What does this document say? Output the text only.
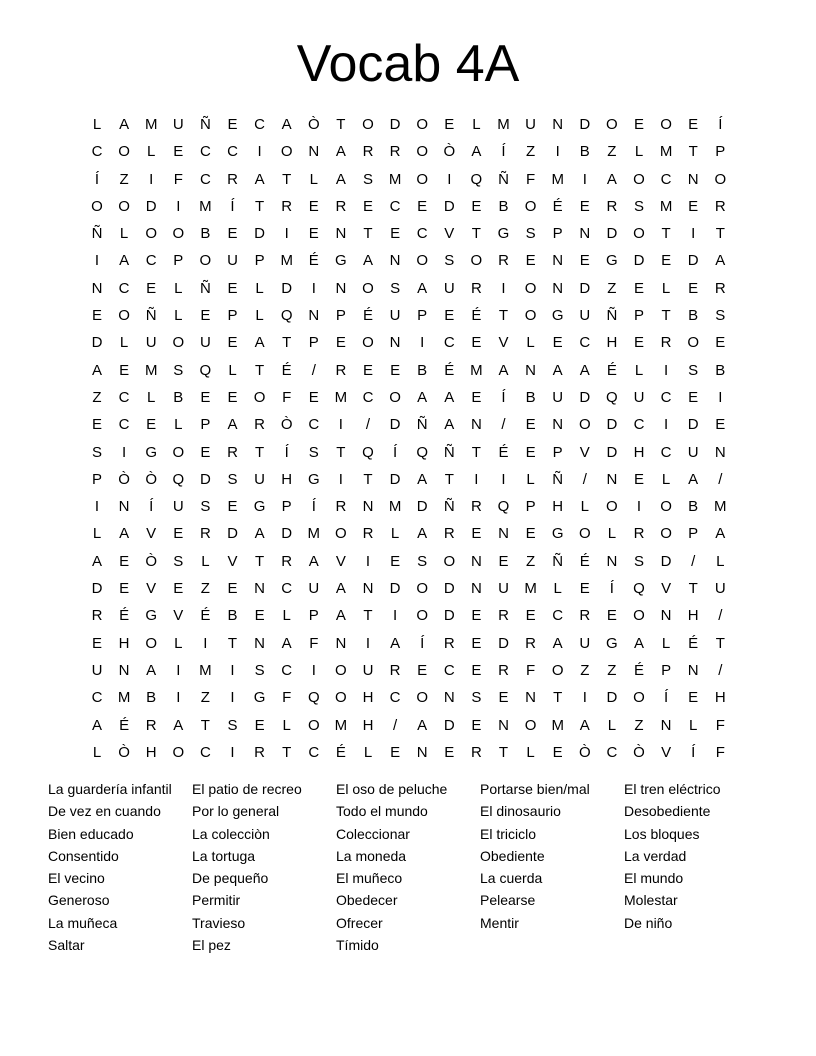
Vocab 4A
L	A	M	U	Ñ	E	C	A	Ò	T	O	D	O	E	L	M	U	N	D	O	E	O	E	Í
C	O	L	E	C	C	I	O	N	A	R	R	O	Ò	A	Í	Z	I	B	Z	L	M	T	P
Í	Z	I	F	C	R	A	T	L	A	S	M	O	I	Q	Ñ	F	M	I	A	O	C	N	O
O	O	D	I	M	Í	T	R	E	R	E	C	E	D	E	B	O	É	E	R	S	M	E	R
Ñ	L	O	O	B	E	D	I	E	N	T	E	C	V	T	G	S	P	N	D	O	T	I	T
I	A	C	P	O	U	P	M	É	G	A	N	O	S	O	R	E	N	E	G	D	E	D	A
N	C	E	L	Ñ	E	L	D	I	N	O	S	A	U	R	I	O	N	D	Z	E	L	E	R
E	O	Ñ	L	E	P	L	Q	N	P	É	U	P	E	É	T	O	G	U	Ñ	P	T	B	S
D	L	U	O	U	E	A	T	P	E	O	N	I	C	E	V	L	E	C	H	E	R	O	E
A	E	M	S	Q	L	T	É	/	R	E	E	B	É	M	A	N	A	A	É	L	I	S	B
Z	C	L	B	E	E	O	F	E	M	C	O	A	A	E	Í	B	U	D	Q	U	C	E	I
E	C	E	L	P	A	R	Ò	C	I	/	D	Ñ	A	N	/	E	N	O	D	C	I	D	E
S	I	G	O	E	R	T	Í	S	T	Q	Í	Q	Ñ	T	É	E	P	V	D	H	C	U	N
P	Ò	Ò	Q	D	S	U	H	G	I	T	D	A	T	I	I	L	Ñ	/	N	E	L	A	/
I	N	Í	U	S	E	G	P	Í	R	N	M	D	Ñ	R	Q	P	H	L	O	I	O	B	M
L	A	V	E	R	D	A	D	M	O	R	L	A	R	E	N	E	G	O	L	R	O	P	A
A	E	Ò	S	L	V	T	R	A	V	I	E	S	O	N	E	Z	Ñ	É	N	S	D	/	L
D	E	V	E	Z	E	N	C	U	A	N	D	O	D	N	U	M	L	E	Í	Q	V	T	U
R	É	G	V	É	B	E	L	P	A	T	I	O	D	E	R	E	C	R	E	O	N	H	/
E	H	O	L	I	T	N	A	F	N	I	A	Í	R	E	D	R	A	U	G	A	L	É	T
U	N	A	I	M	I	S	C	I	O	U	R	E	C	E	R	F	O	Z	Z	É	P	N	/
C	M	B	I	Z	I	G	F	Q	O	H	C	O	N	S	E	N	T	I	D	O	Í	E	H
A	É	R	A	T	S	E	L	O	M	H	/	A	D	E	N	O	M	A	L	Z	N	L	F
L	Ò	H	O	C	I	R	T	C	É	L	E	N	E	R	T	L	E	Ò	C	Ò	V	Í	F
La guardería infantil
De vez en cuando
Bien educado
Consentido
El vecino
Generoso
La muñeca
Saltar
El patio de recreo
Por lo general
La colecciòn
La tortuga
De pequeño
Permitir
Travieso
El pez
El oso de peluche
Todo el mundo
Coleccionar
La moneda
El muñeco
Obedecer
Ofrecer
Tímido
Portarse bien/mal
El dinosaurio
El triciclo
Obediente
La cuerda
Pelearse
Mentir
El tren eléctrico
Desobediente
Los bloques
La verdad
El mundo
Molestar
De niño
